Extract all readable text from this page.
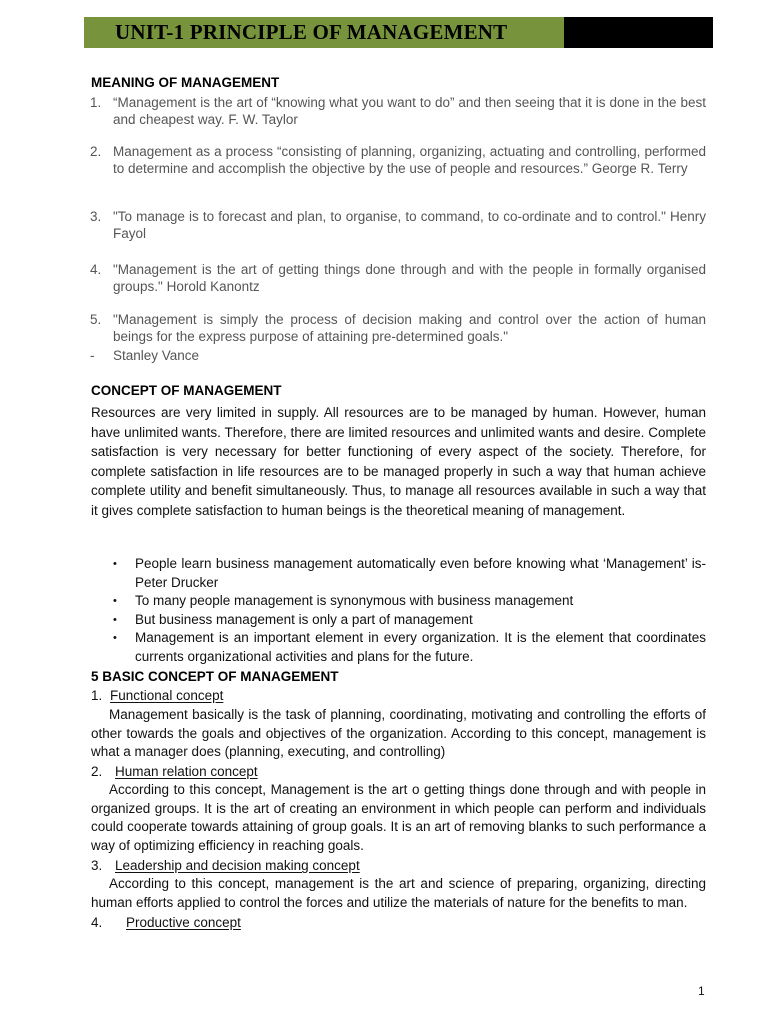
UNIT-1 PRINCIPLE OF MANAGEMENT
MEANING OF MANAGEMENT
1. “Management is the art of “knowing what you want to do” and then seeing that it is done in the best and cheapest way. F. W. Taylor
2. Management as a process “consisting of planning, organizing, actuating and controlling, performed to determine and accomplish the objective by the use of people and resources.” George R. Terry
3. "To manage is to forecast and plan, to organise, to command, to co-ordinate and to control." Henry Fayol
4. "Management is the art of getting things done through and with the people in formally organised groups." Horold Kanontz
5. "Management is simply the process of decision making and control over the action of human beings for the express purpose of attaining pre-determined goals."
- Stanley Vance
CONCEPT OF MANAGEMENT
Resources are very limited in supply. All resources are to be managed by human. However, human have unlimited wants. Therefore, there are limited resources and unlimited wants and desire. Complete satisfaction is very necessary for better functioning of every aspect of the society. Therefore, for complete satisfaction in life resources are to be managed properly in such a way that human achieve complete utility and benefit simultaneously. Thus, to manage all resources available in such a way that it gives complete satisfaction to human beings is the theoretical meaning of management.
• People learn business management automatically even before knowing what ‘Management’ is- Peter Drucker
• To many people management is synonymous with business management
• But business management is only a part of management
• Management is an important element in every organization. It is the element that coordinates currents organizational activities and plans for the future.
5 BASIC CONCEPT OF MANAGEMENT
1. Functional concept
Management basically is the task of planning, coordinating, motivating and controlling the efforts of other towards the goals and objectives of the organization. According to this concept, management is what a manager does (planning, executing, and controlling)
2. Human relation concept
According to this concept, Management is the art o getting things done through and with people in organized groups. It is the art of creating an environment in which people can perform and individuals could cooperate towards attaining of group goals. It is an art of removing blanks to such performance a way of optimizing efficiency in reaching goals.
3. Leadership and decision making concept
According to this concept, management is the art and science of preparing, organizing, directing human efforts applied to control the forces and utilize the materials of nature for the benefits to man.
4. Productive concept
1
